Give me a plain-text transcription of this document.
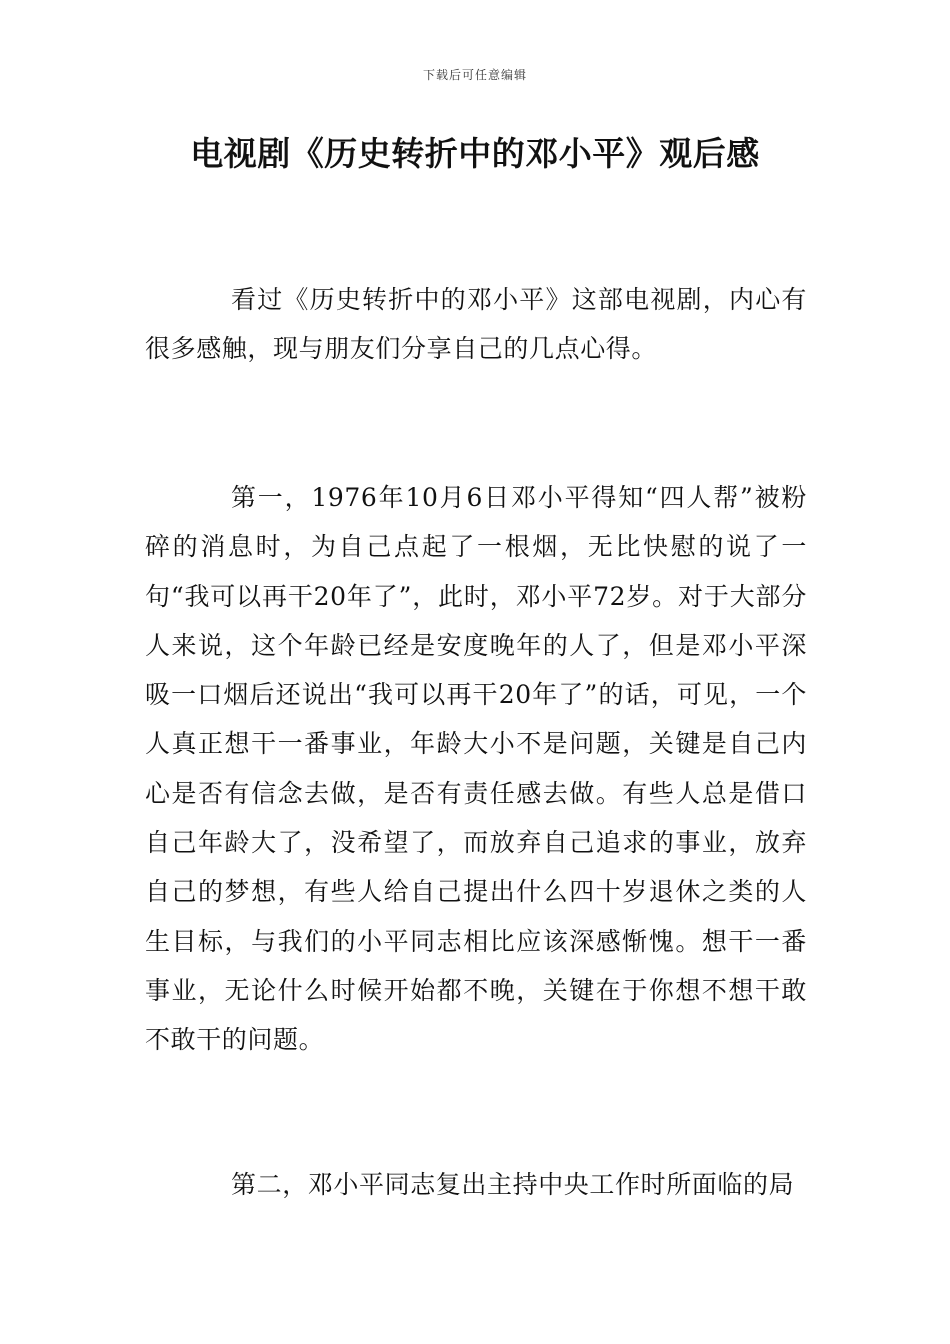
下载后可任意编辑
电视剧《历史转折中的邓小平》观后感

看过《历史转折中的邓小平》这部电视剧，内心有很多感触，现与朋友们分享自己的几点心得。

第一，1976年10月6日邓小平得知“四人帮”被粉碎的消息时，为自己点起了一根烟，无比快慰的说了一句“我可以再干20年了”，此时，邓小平72岁。对于大部分人来说，这个年龄已经是安度晚年的人了，但是邓小平深吸一口烟后还说出“我可以再干20年了”的话，可见，一个人真正想干一番事业，年龄大小不是问题，关键是自己内心是否有信念去做，是否有责任感去做。有些人总是借口自己年龄大了，没希望了，而放弃自己追求的事业，放弃自己的梦想，有些人给自己提出什么四十岁退休之类的人生目标，与我们的小平同志相比应该深感惭愧。想干一番事业，无论什么时候开始都不晚，关键在于你想不想干敢不敢干的问题。

第二，邓小平同志复出主持中央工作时所面临的局
